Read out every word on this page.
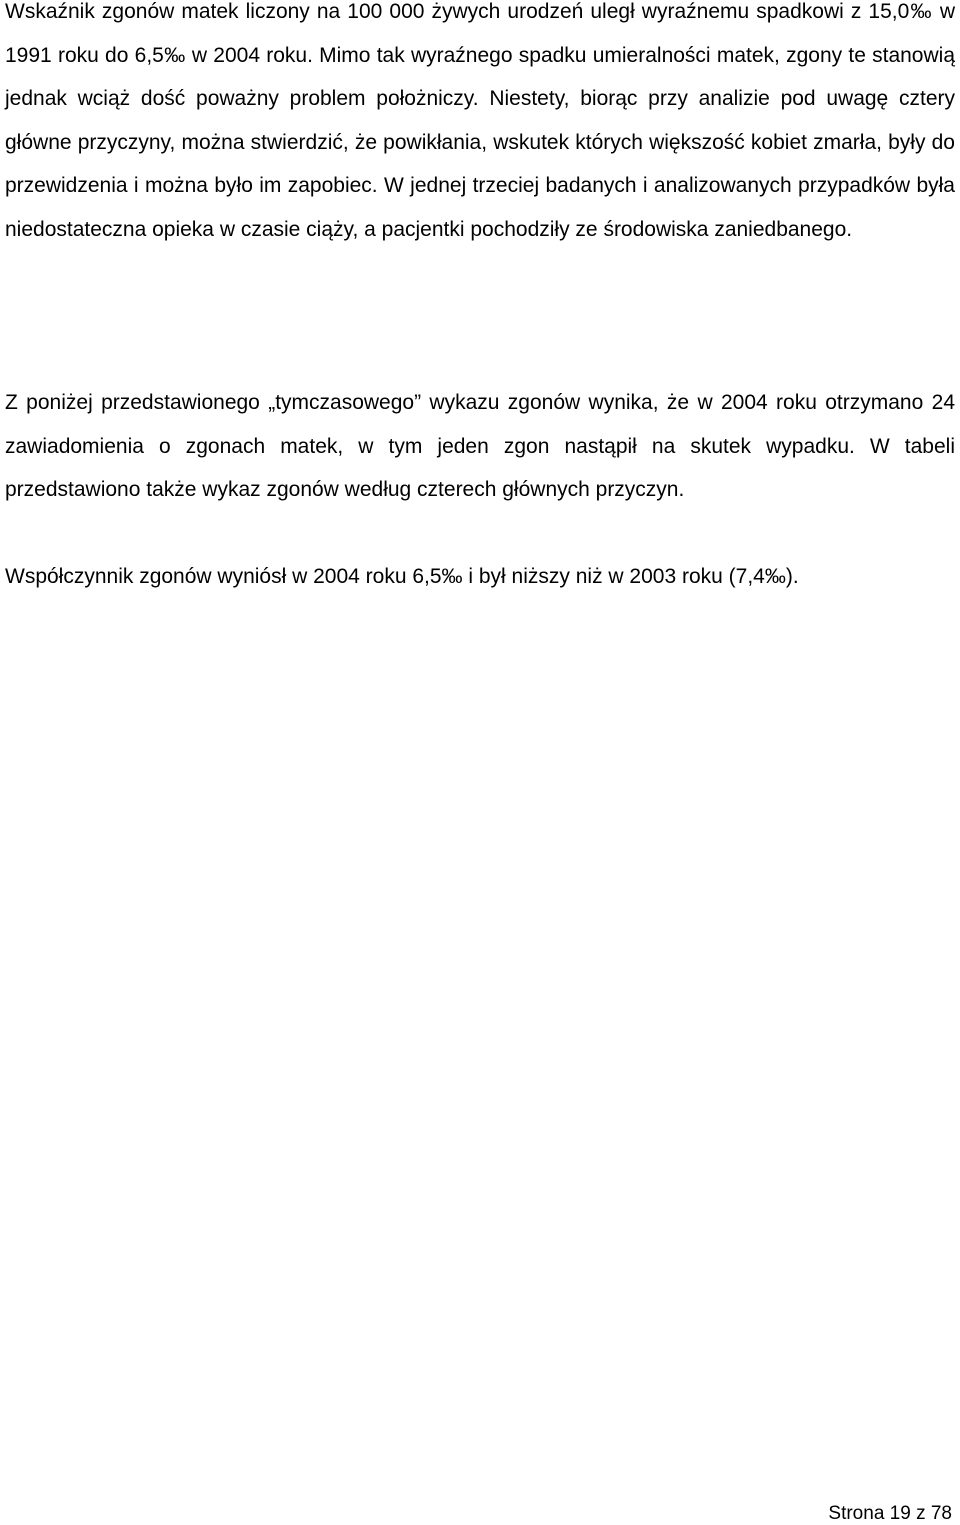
Wskaźnik zgonów matek liczony na 100 000 żywych urodzeń uległ wyraźnemu spadkowi z 15,0‰ w 1991 roku do 6,5‰ w 2004 roku. Mimo tak wyraźnego spadku umieralności matek, zgony te stanowią jednak wciąż dość poważny problem położniczy. Niestety, biorąc przy analizie pod uwagę cztery główne przyczyny, można stwierdzić, że powikłania, wskutek których większość kobiet zmarła, były do przewidzenia i można było im zapobiec. W jednej trzeciej badanych i analizowanych przypadków była niedostateczna opieka w czasie ciąży, a pacjentki pochodziły ze środowiska zaniedbanego.

Z poniżej przedstawionego „tymczasowego” wykazu zgonów wynika, że w 2004 roku otrzymano 24 zawiadomienia o zgonach matek, w tym jeden zgon nastąpił na skutek wypadku. W tabeli przedstawiono także wykaz zgonów według czterech głównych przyczyn.

Współczynnik zgonów wyniósł w 2004 roku 6,5‰ i był niższy niż w 2003 roku (7,4‰).

Strona 19 z 78
